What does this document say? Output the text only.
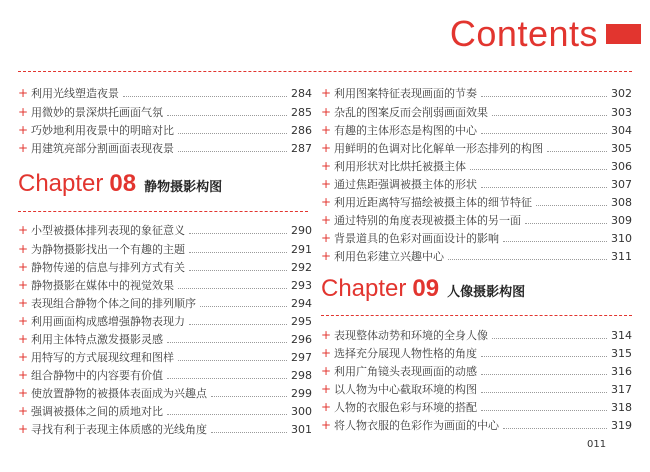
Contents
+ 利用光线塑造夜景	284
+ 用微妙的景深烘托画面气氛	285
+ 巧妙地利用夜景中的明暗对比	286
+ 用建筑亮部分割画面表现夜景	287
Chapter 08 静物摄影构图
+ 小型被摄体排列表现的象征意义	290
+ 为静物摄影找出一个有趣的主题	291
+ 静物传递的信息与排列方式有关	292
+ 静物摄影在媒体中的视觉效果	293
+ 表现组合静物个体之间的排列顺序	294
+ 利用画面构成感增强静物表现力	295
+ 利用主体特点激发摄影灵感	296
+ 用特写的方式展现纹理和图样	297
+ 组合静物中的内容要有价值	298
+ 使放置静物的被摄体表面成为兴趣点	299
+ 强调被摄体之间的质地对比	300
+ 寻找有利于表现主体质感的光线角度	301
+ 利用图案特征表现画面的节奏	302
+ 杂乱的图案反而会削弱画面效果	303
+ 有趣的主体形态是构图的中心	304
+ 用鲜明的色调对比化解单一形态排列的构图	305
+ 利用形状对比烘托被摄主体	306
+ 通过焦距强调被摄主体的形状	307
+ 利用近距离特写描绘被摄主体的细节特征	308
+ 通过特别的角度表现被摄主体的另一面	309
+ 背景道具的色彩对画面设计的影响	310
+ 利用色彩建立兴趣中心	311
Chapter 09 人像摄影构图
+ 表现整体动势和环境的全身人像	314
+ 选择充分展现人物性格的角度	315
+ 利用广角镜头表现画面的动感	316
+ 以人物为中心截取环境的构图	317
+ 人物的衣服色彩与环境的搭配	318
+ 将人物衣服的色彩作为画面的中心	319
011
